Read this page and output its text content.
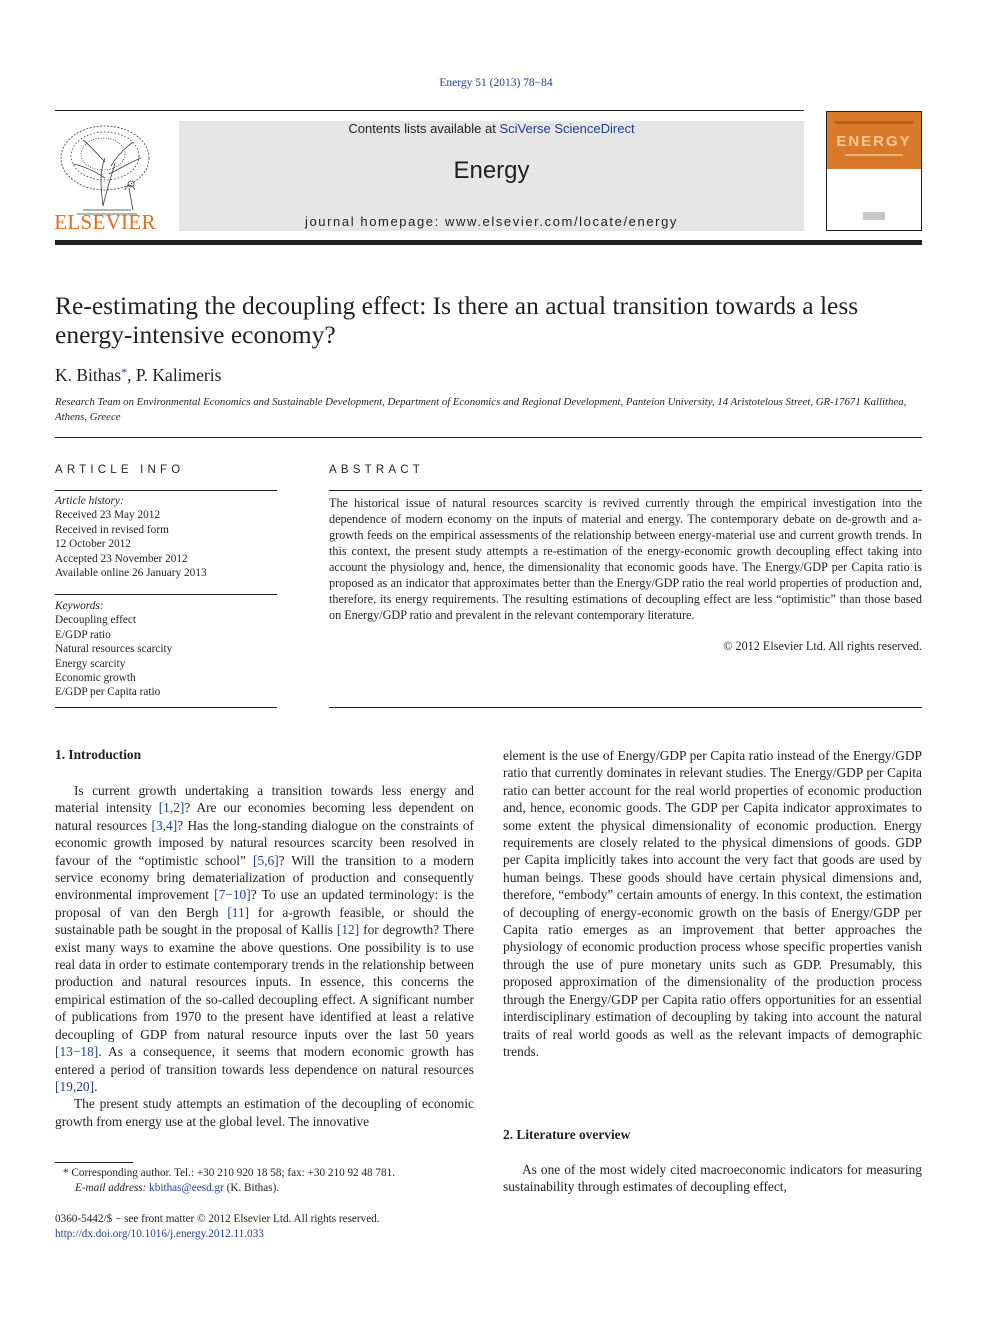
Energy 51 (2013) 78−84
ELSEVIER
Contents lists available at SciVerse ScienceDirect
Energy
journal homepage: www.elsevier.com/locate/energy
ENERGY
Re-estimating the decoupling effect: Is there an actual transition towards a less energy-intensive economy?
K. Bithas*, P. Kalimeris
Research Team on Environmental Economics and Sustainable Development, Department of Economics and Regional Development, Panteion University, 14 Aristotelous Street, GR-17671 Kallithea, Athens, Greece
ARTICLE INFO	ABSTRACT
Article history:
Received 23 May 2012
Received in revised form
12 October 2012
Accepted 23 November 2012
Available online 26 January 2013
Keywords:
Decoupling effect
E/GDP ratio
Natural resources scarcity
Energy scarcity
Economic growth
E/GDP per Capita ratio
The historical issue of natural resources scarcity is revived currently through the empirical investigation into the dependence of modern economy on the inputs of material and energy. The contemporary debate on de-growth and a-growth feeds on the empirical assessments of the relationship between energy-material use and current growth trends. In this context, the present study attempts a re-estimation of the energy-economic growth decoupling effect taking into account the physiology and, hence, the dimensionality that economic goods have. The Energy/GDP per Capita ratio is proposed as an indicator that approximates better than the Energy/GDP ratio the real world properties of production and, therefore, its energy requirements. The resulting estimations of decoupling effect are less “optimistic” than those based on Energy/GDP ratio and prevalent in the relevant contemporary literature.
© 2012 Elsevier Ltd. All rights reserved.
1. Introduction

Is current growth undertaking a transition towards less energy and material intensity [1,2]? Are our economies becoming less dependent on natural resources [3,4]? Has the long-standing dialogue on the constraints of economic growth imposed by natural resources scarcity been resolved in favour of the “optimistic school” [5,6]? Will the transition to a modern service economy bring dematerialization of production and consequently environmental improvement [7−10]? To use an updated terminology: is the proposal of van den Bergh [11] for a-growth feasible, or should the sustainable path be sought in the proposal of Kallis [12] for degrowth? There exist many ways to examine the above questions. One possibility is to use real data in order to estimate contemporary trends in the relationship between production and natural resources inputs. In essence, this concerns the empirical estimation of the so-called decoupling effect. A significant number of publications from 1970 to the present have identified at least a relative decoupling of GDP from natural resource inputs over the last 50 years [13−18]. As a consequence, it seems that modern economic growth has entered a period of transition towards less dependence on natural resources [19,20].

The present study attempts an estimation of the decoupling of economic growth from energy use at the global level. The innovative

element is the use of Energy/GDP per Capita ratio instead of the Energy/GDP ratio that currently dominates in relevant studies. The Energy/GDP per Capita ratio can better account for the real world properties of economic production and, hence, economic goods. The GDP per Capita indicator approximates to some extent the physical dimensionality of economic production. Energy requirements are closely related to the physical dimensions of goods. GDP per Capita implicitly takes into account the very fact that goods are used by human beings. These goods should have certain physical dimensions and, therefore, “embody” certain amounts of energy. In this context, the estimation of decoupling of energy-economic growth on the basis of Energy/GDP per Capita ratio emerges as an improvement that better approaches the physiology of economic production process whose specific properties vanish through the use of pure monetary units such as GDP. Presumably, this proposed approximation of the dimensionality of the production process through the Energy/GDP per Capita ratio offers opportunities for an essential interdisciplinary estimation of decoupling by taking into account the natural traits of real world goods as well as the relevant impacts of demographic trends.

2. Literature overview

As one of the most widely cited macroeconomic indicators for measuring sustainability through estimates of decoupling effect,

* Corresponding author. Tel.: +30 210 920 18 58; fax: +30 210 92 48 781.
E-mail address: kbithas@eesd.gr (K. Bithas).
0360-5442/$ − see front matter © 2012 Elsevier Ltd. All rights reserved.
http://dx.doi.org/10.1016/j.energy.2012.11.033
